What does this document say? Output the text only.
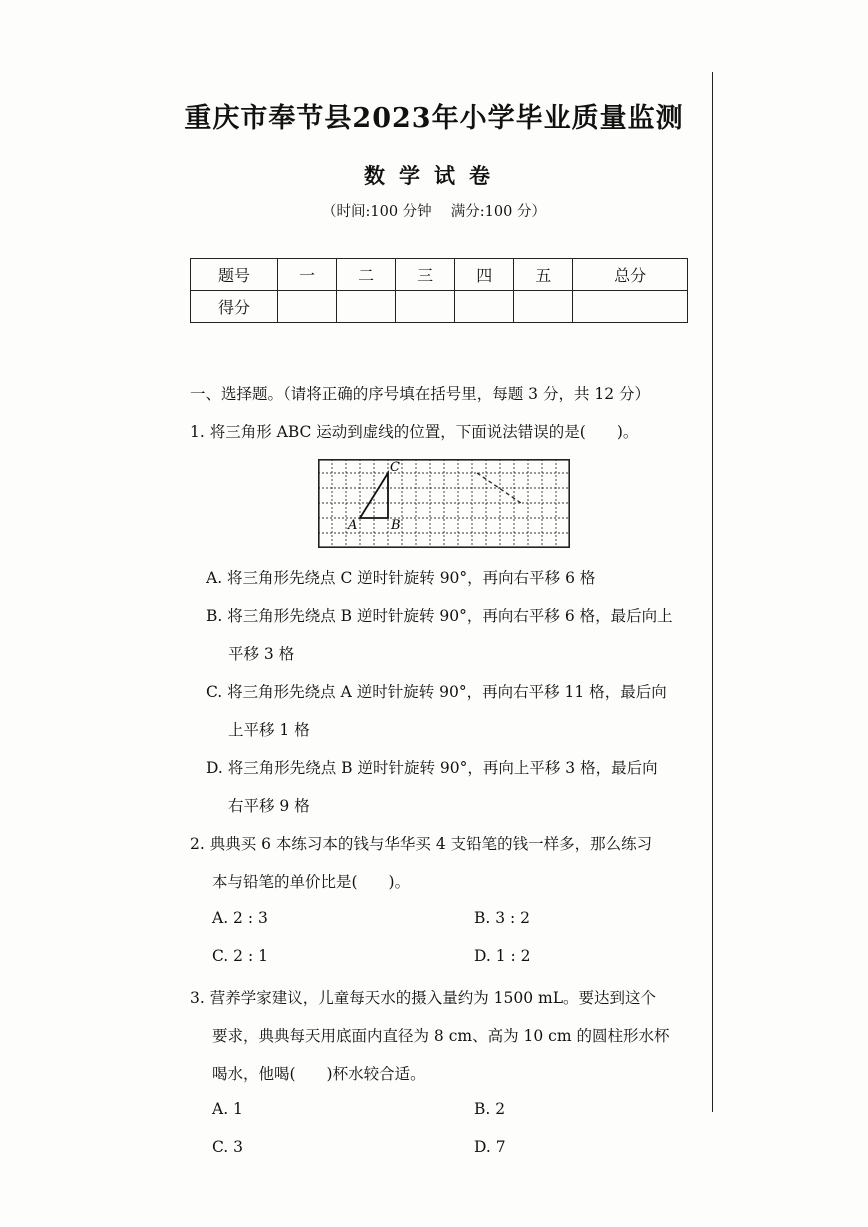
重庆市奉节县2023年小学毕业质量监测
数学试卷
（时间:100 分钟　 满分:100 分）
题号	一	二	三	四	五	总分
得分						
一、选择题。（请将正确的序号填在括号里，每题 3 分，共 12 分）
1. 将三角形 ABC 运动到虚线的位置，下面说法错误的是(　　)。
A	B
C
A. 将三角形先绕点 C 逆时针旋转 90°，再向右平移 6 格
B. 将三角形先绕点 B 逆时针旋转 90°，再向右平移 6 格，最后向上
平移 3 格
C. 将三角形先绕点 A 逆时针旋转 90°，再向右平移 11 格，最后向
上平移 1 格
D. 将三角形先绕点 B 逆时针旋转 90°，再向上平移 3 格，最后向
右平移 9 格
2. 典典买 6 本练习本的钱与华华买 4 支铅笔的钱一样多，那么练习
本与铅笔的单价比是(　　)。
A. 2 : 3	B. 3 : 2
C. 2 : 1	D. 1 : 2
3. 营养学家建议，儿童每天水的摄入量约为 1500 mL。要达到这个
要求，典典每天用底面内直径为 8 cm、高为 10 cm 的圆柱形水杯
喝水，他喝(　　)杯水较合适。
A. 1	B. 2
C. 3	D. 7
